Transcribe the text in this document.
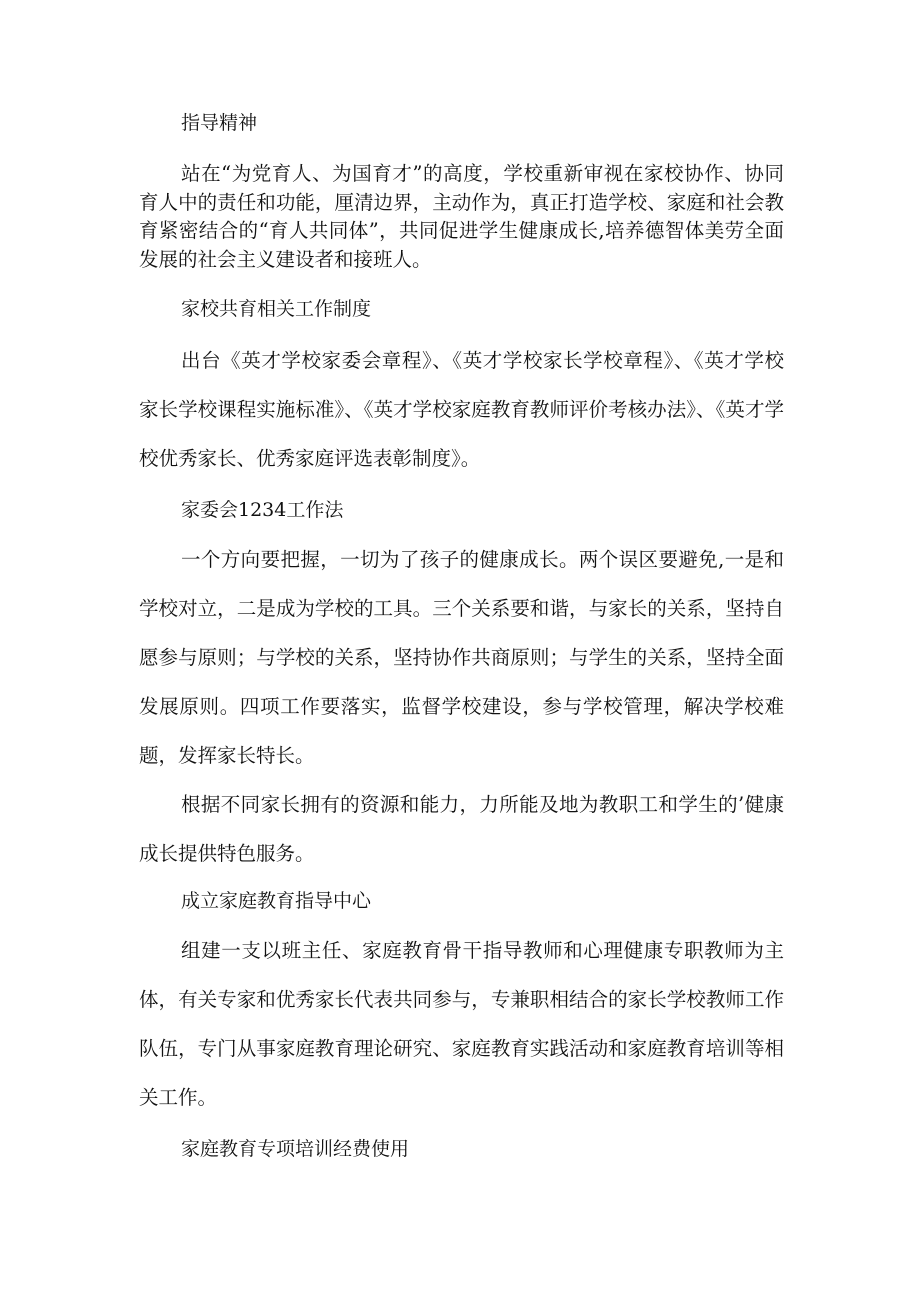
指导精神

站在“为党育人、为国育才”的高度，学校重新审视在家校协作、协同育人中的责任和功能，厘清边界，主动作为，真正打造学校、家庭和社会教育紧密结合的“育人共同体”，共同促进学生健康成长,培养德智体美劳全面发展的社会主义建设者和接班人。

家校共育相关工作制度

出台《英才学校家委会章程》、《英才学校家长学校章程》、《英才学校家长学校课程实施标准》、《英才学校家庭教育教师评价考核办法》、《英才学校优秀家长、优秀家庭评选表彰制度》。

家委会1234工作法

一个方向要把握，一切为了孩子的健康成长。两个误区要避免,一是和学校对立，二是成为学校的工具。三个关系要和谐，与家长的关系，坚持自愿参与原则；与学校的关系，坚持协作共商原则；与学生的关系，坚持全面发展原则。四项工作要落实，监督学校建设，参与学校管理，解决学校难题，发挥家长特长。

根据不同家长拥有的资源和能力，力所能及地为教职工和学生的’健康成长提供特色服务。

成立家庭教育指导中心

组建一支以班主任、家庭教育骨干指导教师和心理健康专职教师为主体，有关专家和优秀家长代表共同参与，专兼职相结合的家长学校教师工作队伍，专门从事家庭教育理论研究、家庭教育实践活动和家庭教育培训等相关工作。

家庭教育专项培训经费使用
